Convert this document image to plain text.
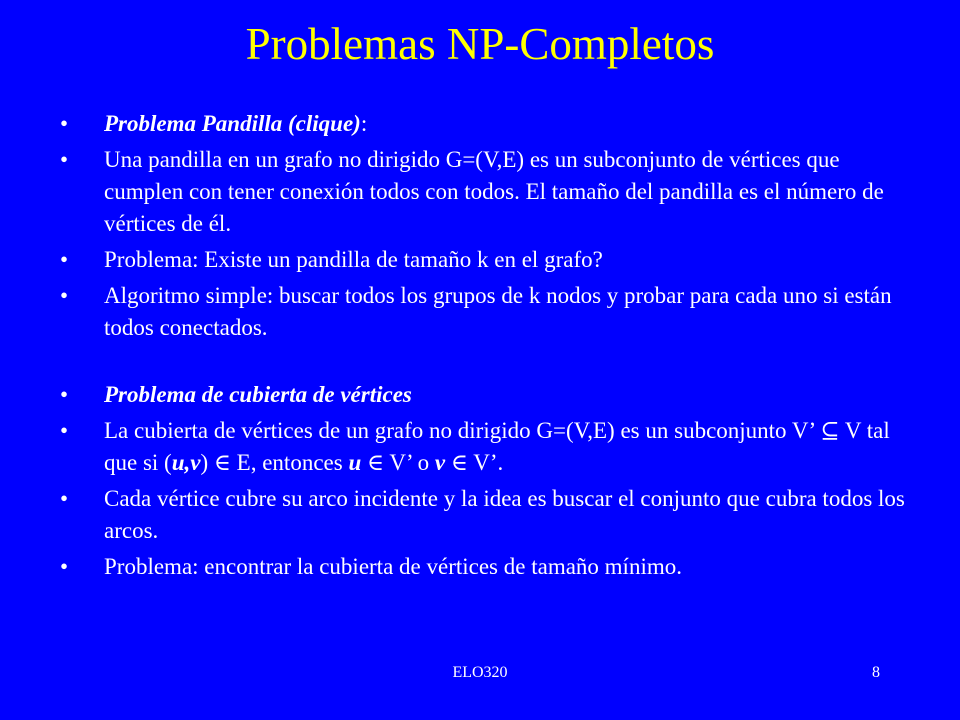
Problemas NP-Completos
• Problema Pandilla (clique):
• Una pandilla en un grafo no dirigido G=(V,E) es un subconjunto de vértices que cumplen con tener conexión todos con todos. El tamaño del pandilla es el número de vértices de él.
• Problema: Existe un pandilla de tamaño k en el grafo?
• Algoritmo simple: buscar todos los grupos de k nodos y probar para cada uno si están todos conectados.
• Problema de cubierta de vértices
• La cubierta de vértices de un grafo no dirigido G=(V,E) es un subconjunto V’ ⊆ V tal que si (u,v) ∈ E, entonces u ∈ V’ o v ∈ V’.
• Cada vértice cubre su arco incidente y la idea es buscar el conjunto que cubra todos los arcos.
• Problema: encontrar la cubierta de vértices de tamaño mínimo.
ELO320	8
